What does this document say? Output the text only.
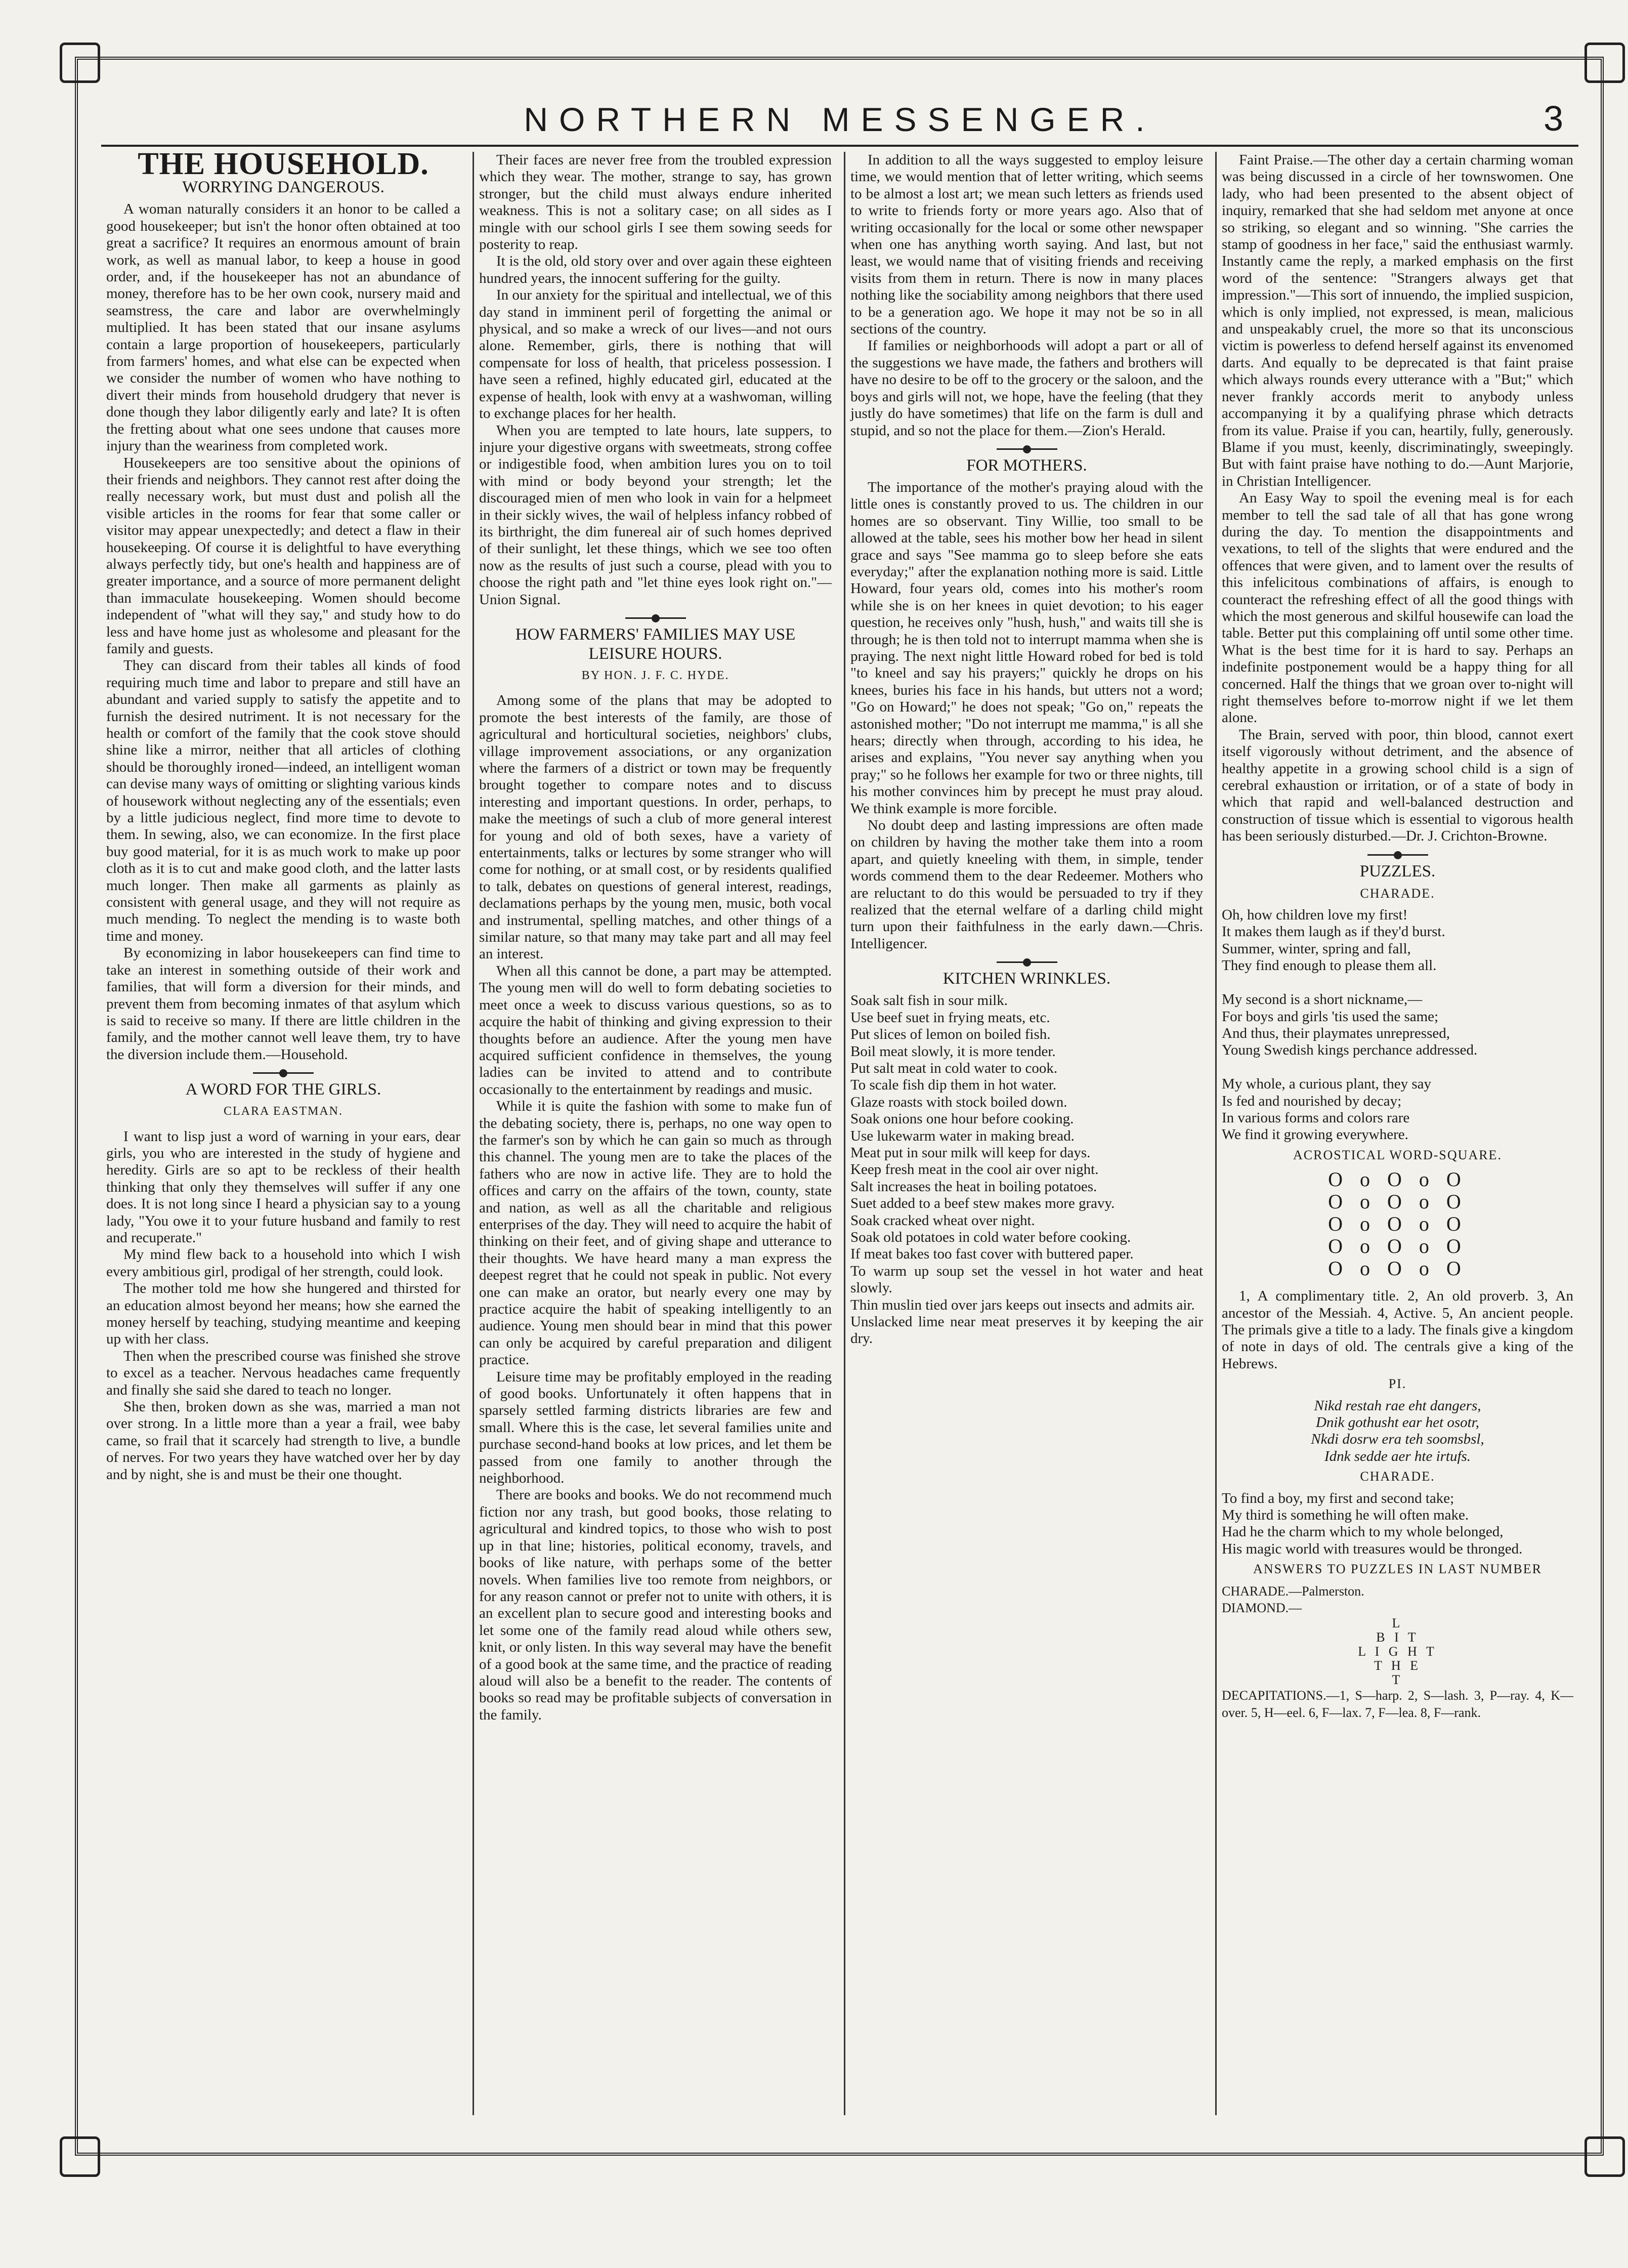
NORTHERN MESSENGER.	3
THE HOUSEHOLD.
WORRYING DANGEROUS.

A woman naturally considers it an honor to be called a good housekeeper; but isn't the honor often obtained at too great a sacrifice? It requires an enormous amount of brain work, as well as manual labor, to keep a house in good order, and, if the housekeeper has not an abundance of money, therefore has to be her own cook, nursery maid and seamstress, the care and labor are overwhelmingly multiplied. It has been stated that our insane asylums contain a large proportion of housekeepers, particularly from farmers' homes, and what else can be expected when we consider the number of women who have nothing to divert their minds from household drudgery that never is done though they labor diligently early and late? It is often the fretting about what one sees undone that causes more injury than the weariness from completed work.

Housekeepers are too sensitive about the opinions of their friends and neighbors. They cannot rest after doing the really necessary work, but must dust and polish all the visible articles in the rooms for fear that some caller or visitor may appear unexpectedly; and detect a flaw in their housekeeping. Of course it is delightful to have everything always perfectly tidy, but one's health and happiness are of greater importance, and a source of more permanent delight than immaculate housekeeping. Women should become independent of "what will they say," and study how to do less and have home just as wholesome and pleasant for the family and guests.

They can discard from their tables all kinds of food requiring much time and labor to prepare and still have an abundant and varied supply to satisfy the appetite and to furnish the desired nutriment. It is not necessary for the health or comfort of the family that the cook stove should shine like a mirror, neither that all articles of clothing should be thoroughly ironed—indeed, an intelligent woman can devise many ways of omitting or slighting various kinds of housework without neglecting any of the essentials; even by a little judicious neglect, find more time to devote to them. In sewing, also, we can economize. In the first place buy good material, for it is as much work to make up poor cloth as it is to cut and make good cloth, and the latter lasts much longer. Then make all garments as plainly as consistent with general usage, and they will not require as much mending. To neglect the mending is to waste both time and money.

By economizing in labor housekeepers can find time to take an interest in something outside of their work and families, that will form a diversion for their minds, and prevent them from becoming inmates of that asylum which is said to receive so many. If there are little children in the family, and the mother cannot well leave them, try to have the diversion include them.—Household.

A WORD FOR THE GIRLS.
CLARA EASTMAN.

I want to lisp just a word of warning in your ears, dear girls, you who are interested in the study of hygiene and heredity. Girls are so apt to be reckless of their health thinking that only they themselves will suffer if any one does. It is not long since I heard a physician say to a young lady, "You owe it to your future husband and family to rest and recuperate."

My mind flew back to a household into which I wish every ambitious girl, prodigal of her strength, could look.

The mother told me how she hungered and thirsted for an education almost beyond her means; how she earned the money herself by teaching, studying meantime and keeping up with her class.

Then when the prescribed course was finished she strove to excel as a teacher. Nervous headaches came frequently and finally she said she dared to teach no longer.

She then, broken down as she was, married a man not over strong. In a little more than a year a frail, wee baby came, so frail that it scarcely had strength to live, a bundle of nerves. For two years they have watched over her by day and by night, she is and must be their one thought.

Their faces are never free from the troubled expression which they wear. The mother, strange to say, has grown stronger, but the child must always endure inherited weakness. This is not a solitary case; on all sides as I mingle with our school girls I see them sowing seeds for posterity to reap.

It is the old, old story over and over again these eighteen hundred years, the innocent suffering for the guilty.

In our anxiety for the spiritual and intellectual, we of this day stand in imminent peril of forgetting the animal or physical, and so make a wreck of our lives—and not ours alone. Remember, girls, there is nothing that will compensate for loss of health, that priceless possession. I have seen a refined, highly educated girl, educated at the expense of health, look with envy at a washwoman, willing to exchange places for her health.

When you are tempted to late hours, late suppers, to injure your digestive organs with sweetmeats, strong coffee or indigestible food, when ambition lures you on to toil with mind or body beyond your strength; let the discouraged mien of men who look in vain for a helpmeet in their sickly wives, the wail of helpless infancy robbed of its birthright, the dim funereal air of such homes deprived of their sunlight, let these things, which we see too often now as the results of just such a course, plead with you to choose the right path and "let thine eyes look right on."—Union Signal.

HOW FARMERS' FAMILIES MAY USE LEISURE HOURS.
BY HON. J. F. C. HYDE.

Among some of the plans that may be adopted to promote the best interests of the family, are those of agricultural and horticultural societies, neighbors' clubs, village improvement associations, or any organization where the farmers of a district or town may be frequently brought together to compare notes and to discuss interesting and important questions. In order, perhaps, to make the meetings of such a club of more general interest for young and old of both sexes, have a variety of entertainments, talks or lectures by some stranger who will come for nothing, or at small cost, or by residents qualified to talk, debates on questions of general interest, readings, declamations perhaps by the young men, music, both vocal and instrumental, spelling matches, and other things of a similar nature, so that many may take part and all may feel an interest.

When all this cannot be done, a part may be attempted. The young men will do well to form debating societies to meet once a week to discuss various questions, so as to acquire the habit of thinking and giving expression to their thoughts before an audience. After the young men have acquired sufficient confidence in themselves, the young ladies can be invited to attend and to contribute occasionally to the entertainment by readings and music.

While it is quite the fashion with some to make fun of the debating society, there is, perhaps, no one way open to the farmer's son by which he can gain so much as through this channel. The young men are to take the places of the fathers who are now in active life. They are to hold the offices and carry on the affairs of the town, county, state and nation, as well as all the charitable and religious enterprises of the day. They will need to acquire the habit of thinking on their feet, and of giving shape and utterance to their thoughts. We have heard many a man express the deepest regret that he could not speak in public. Not every one can make an orator, but nearly every one may by practice acquire the habit of speaking intelligently to an audience. Young men should bear in mind that this power can only be acquired by careful preparation and diligent practice.

Leisure time may be profitably employed in the reading of good books. Unfortunately it often happens that in sparsely settled farming districts libraries are few and small. Where this is the case, let several families unite and purchase second-hand books at low prices, and let them be passed from one family to another through the neighborhood.

There are books and books. We do not recommend much fiction nor any trash, but good books, those relating to agricultural and kindred topics, to those who wish to post up in that line; histories, political economy, travels, and books of like nature, with perhaps some of the better novels. When families live too remote from neighbors, or for any reason cannot or prefer not to unite with others, it is an excellent plan to secure good and interesting books and let some one of the family read aloud while others sew, knit, or only listen. In this way several may have the benefit of a good book at the same time, and the practice of reading aloud will also be a benefit to the reader. The contents of books so read may be profitable subjects of conversation in the family.

In addition to all the ways suggested to employ leisure time, we would mention that of letter writing, which seems to be almost a lost art; we mean such letters as friends used to write to friends forty or more years ago. Also that of writing occasionally for the local or some other newspaper when one has anything worth saying. And last, but not least, we would name that of visiting friends and receiving visits from them in return. There is now in many places nothing like the sociability among neighbors that there used to be a generation ago. We hope it may not be so in all sections of the country.

If families or neighborhoods will adopt a part or all of the suggestions we have made, the fathers and brothers will have no desire to be off to the grocery or the saloon, and the boys and girls will not, we hope, have the feeling (that they justly do have sometimes) that life on the farm is dull and stupid, and so not the place for them.—Zion's Herald.

FOR MOTHERS.

The importance of the mother's praying aloud with the little ones is constantly proved to us. The children in our homes are so observant. Tiny Willie, too small to be allowed at the table, sees his mother bow her head in silent grace and says "See mamma go to sleep before she eats everyday;" after the explanation nothing more is said. Little Howard, four years old, comes into his mother's room while she is on her knees in quiet devotion; to his eager question, he receives only "hush, hush," and waits till she is through; he is then told not to interrupt mamma when she is praying. The next night little Howard robed for bed is told "to kneel and say his prayers;" quickly he drops on his knees, buries his face in his hands, but utters not a word; "Go on Howard;" he does not speak; "Go on," repeats the astonished mother; "Do not interrupt me mamma," is all she hears; directly when through, according to his idea, he arises and explains, "You never say anything when you pray;" so he follows her example for two or three nights, till his mother convinces him by precept he must pray aloud. We think example is more forcible.

No doubt deep and lasting impressions are often made on children by having the mother take them into a room apart, and quietly kneeling with them, in simple, tender words commend them to the dear Redeemer. Mothers who are reluctant to do this would be persuaded to try if they realized that the eternal welfare of a darling child might turn upon their faithfulness in the early dawn.—Chris. Intelligencer.

KITCHEN WRINKLES.

Soak salt fish in sour milk.

Use beef suet in frying meats, etc.

Put slices of lemon on boiled fish.

Boil meat slowly, it is more tender.

Put salt meat in cold water to cook.

To scale fish dip them in hot water.

Glaze roasts with stock boiled down.

Soak onions one hour before cooking.

Use lukewarm water in making bread.

Meat put in sour milk will keep for days.

Keep fresh meat in the cool air over night.

Salt increases the heat in boiling potatoes.

Suet added to a beef stew makes more gravy.

Soak cracked wheat over night.

Soak old potatoes in cold water before cooking.

If meat bakes too fast cover with buttered paper.

To warm up soup set the vessel in hot water and heat slowly.

Thin muslin tied over jars keeps out insects and admits air.

Unslacked lime near meat preserves it by keeping the air dry.

Faint Praise.—The other day a certain charming woman was being discussed in a circle of her townswomen. One lady, who had been presented to the absent object of inquiry, remarked that she had seldom met anyone at once so striking, so elegant and so winning. "She carries the stamp of goodness in her face," said the enthusiast warmly. Instantly came the reply, a marked emphasis on the first word of the sentence: "Strangers always get that impression."—This sort of innuendo, the implied suspicion, which is only implied, not expressed, is mean, malicious and unspeakably cruel, the more so that its unconscious victim is powerless to defend herself against its envenomed darts. And equally to be deprecated is that faint praise which always rounds every utterance with a "But;" which never frankly accords merit to anybody unless accompanying it by a qualifying phrase which detracts from its value. Praise if you can, heartily, fully, generously. Blame if you must, keenly, discriminatingly, sweepingly. But with faint praise have nothing to do.—Aunt Marjorie, in Christian Intelligencer.

An Easy Way to spoil the evening meal is for each member to tell the sad tale of all that has gone wrong during the day. To mention the disappointments and vexations, to tell of the slights that were endured and the offences that were given, and to lament over the results of this infelicitous combinations of affairs, is enough to counteract the refreshing effect of all the good things with which the most generous and skilful housewife can load the table. Better put this complaining off until some other time. What is the best time for it is hard to say. Perhaps an indefinite postponement would be a happy thing for all concerned. Half the things that we groan over to-night will right themselves before to-morrow night if we let them alone.

The Brain, served with poor, thin blood, cannot exert itself vigorously without detriment, and the absence of healthy appetite in a growing school child is a sign of cerebral exhaustion or irritation, or of a state of body in which that rapid and well-balanced destruction and construction of tissue which is essential to vigorous health has been seriously disturbed.—Dr. J. Crichton-Browne.

PUZZLES.
CHARADE.

Oh, how children love my first!

It makes them laugh as if they'd burst.

Summer, winter, spring and fall,

They find enough to please them all.

My second is a short nickname,—

For boys and girls 'tis used the same;

And thus, their playmates unrepressed,

Young Swedish kings perchance addressed.

My whole, a curious plant, they say

Is fed and nourished by decay;

In various forms and colors rare

We find it growing everywhere.

ACROSTICAL WORD-SQUARE.
O o O o O
O o O o O
O o O o O
O o O o O
O o O o O

1, A complimentary title. 2, An old proverb. 3, An ancestor of the Messiah. 4, Active. 5, An ancient people. The primals give a title to a lady. The finals give a kingdom of note in days of old. The centrals give a king of the Hebrews.

PI.

Nikd restah rae eht dangers,

Dnik gothusht ear het osotr,

Nkdi dosrw era teh soomsbsl,

Idnk sedde aer hte irtufs.

CHARADE.

To find a boy, my first and second take;

My third is something he will often make.

Had he the charm which to my whole belonged,

His magic world with treasures would be thronged.

ANSWERS TO PUZZLES IN LAST NUMBER

CHARADE.—Palmerston.

DIAMOND.—

L
B I T
L I G H T
T H E
T

DECAPITATIONS.—1, S—harp. 2, S—lash. 3, P—ray. 4, K—over. 5, H—eel. 6, F—lax. 7, F—lea. 8, F—rank.
